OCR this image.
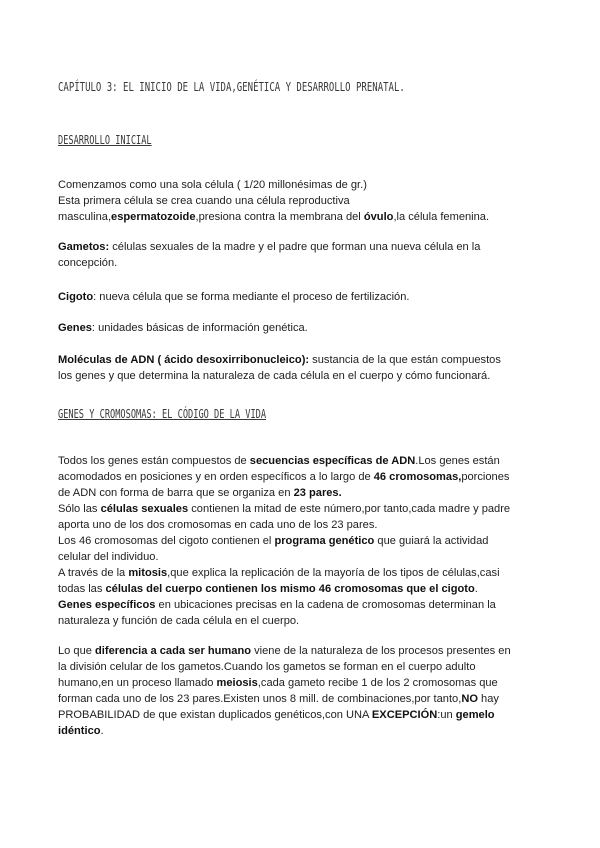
CAPÍTULO 3: EL INICIO DE LA VIDA,GENÉTICA Y DESARROLLO PRENATAL.
DESARROLLO INICIAL
Comenzamos como una sola célula ( 1/20 millonésimas de gr.)
Esta primera célula se crea cuando una célula reproductiva
masculina,espermatozoide,presiona contra la membrana del óvulo,la célula femenina.
Gametos: células sexuales de la madre y el padre que forman una nueva célula en la
concepción.
Cigoto: nueva célula que se forma mediante el proceso de fertilización.
Genes: unidades básicas de información genética.
Moléculas de ADN ( ácido desoxirribonucleico): sustancia de la que están compuestos
los genes y que determina la naturaleza de cada célula en el cuerpo y cómo funcionará.
GENES Y CROMOSOMAS: EL CÓDIGO DE LA VIDA
Todos los genes están compuestos de secuencias específicas de ADN.Los genes están
acomodados en posiciones y en orden específicos a lo largo de 46 cromosomas,porciones
de ADN con forma de barra que se organiza en 23 pares.
Sólo las células sexuales contienen la mitad de este número,por tanto,cada madre y padre
aporta uno de los dos cromosomas en cada uno de los 23 pares.
Los 46 cromosomas del cigoto contienen el programa genético que guiará la actividad
celular del individuo.
A través de la mitosis,que explica la replicación de la mayoría de los tipos de células,casi
todas las células del cuerpo contienen los mismo 46 cromosomas que el cigoto.
Genes específicos en ubicaciones precisas en la cadena de cromosomas determinan la
naturaleza y función de cada célula en el cuerpo.
Lo que diferencia a cada ser humano viene de la naturaleza de los procesos presentes en
la división celular de los gametos.Cuando los gametos se forman en el cuerpo adulto
humano,en un proceso llamado meiosis,cada gameto recibe 1 de los 2 cromosomas que
forman cada uno de los 23 pares.Existen unos 8 mill. de combinaciones,por tanto,NO hay
PROBABILIDAD de que existan duplicados genéticos,con UNA EXCEPCIÓN:un gemelo
idéntico.
